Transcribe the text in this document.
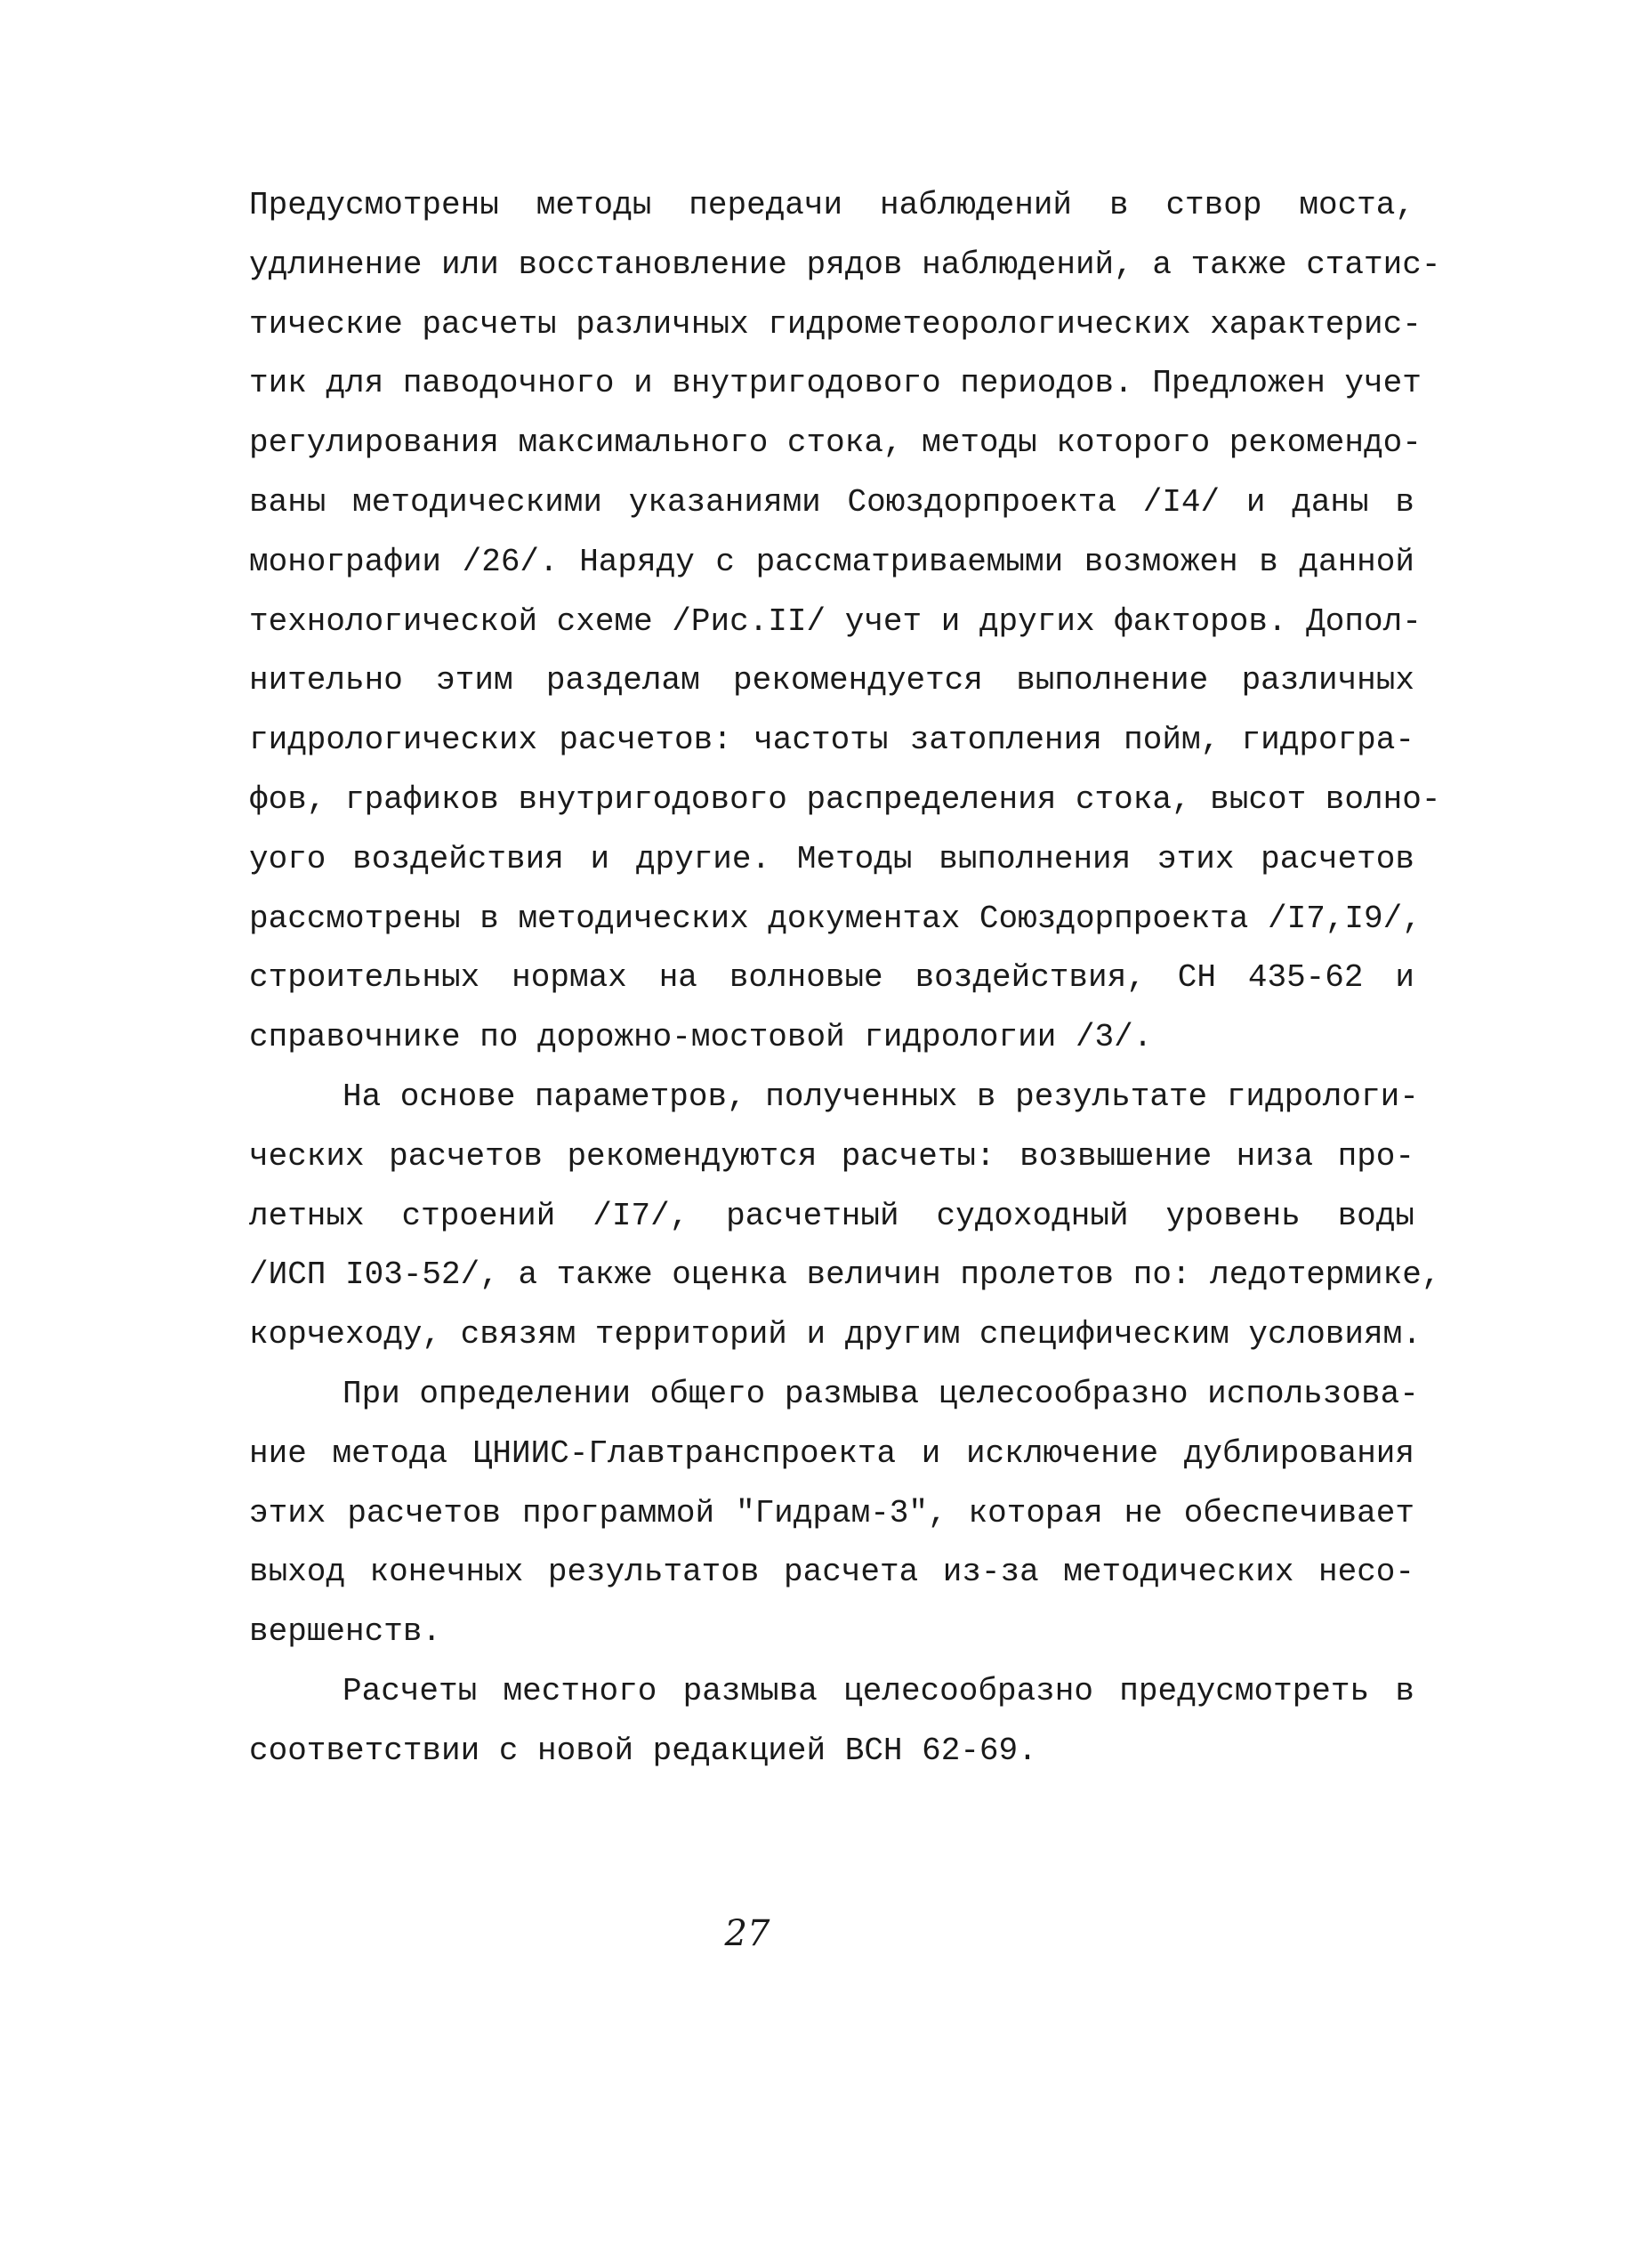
Предусмотрены методы передачи наблюдений в створ моста,
удлинение или восстановление рядов наблюдений, а также статис-
тические расчеты различных гидрометеорологических характерис-
тик для паводочного и внутригодового периодов. Предложен учет
регулирования максимального стока, методы которого рекомендо-
ваны методическими указаниями Союздорпроекта /I4/ и даны в
монографии /26/. Наряду с рассматриваемыми возможен в данной
технологической схеме /Рис.II/ учет и других факторов. Допол-
нительно этим разделам рекомендуется выполнение различных
гидрологических расчетов: частоты затопления пойм, гидрогра-
фов, графиков внутригодового распределения стока, высот волно-
уого воздействия и другие. Методы выполнения этих расчетов
рассмотрены в методических документах Союздорпроекта /I7,I9/,
строительных нормах на волновые воздействия, СН 435-62 и
справочнике по дорожно-мостовой гидрологии /3/.
На основе параметров, полученных в результате гидрологи-
ческих расчетов рекомендуются расчеты: возвышение низа про-
летных строений /I7/, расчетный судоходный уровень воды
/ИСП I03-52/, а также оценка величин пролетов по: ледотермике,
корчеходу, связям территорий и другим специфическим условиям.
При определении общего размыва целесообразно использова-
ние метода ЦНИИС-Главтранспроекта и исключение дублирования
этих расчетов программой "Гидрам-3", которая не обеспечивает
выход конечных результатов расчета из-за методических несо-
вершенств.
Расчеты местного размыва целесообразно предусмотреть в
соответствии с новой редакцией ВСН 62-69.
27
